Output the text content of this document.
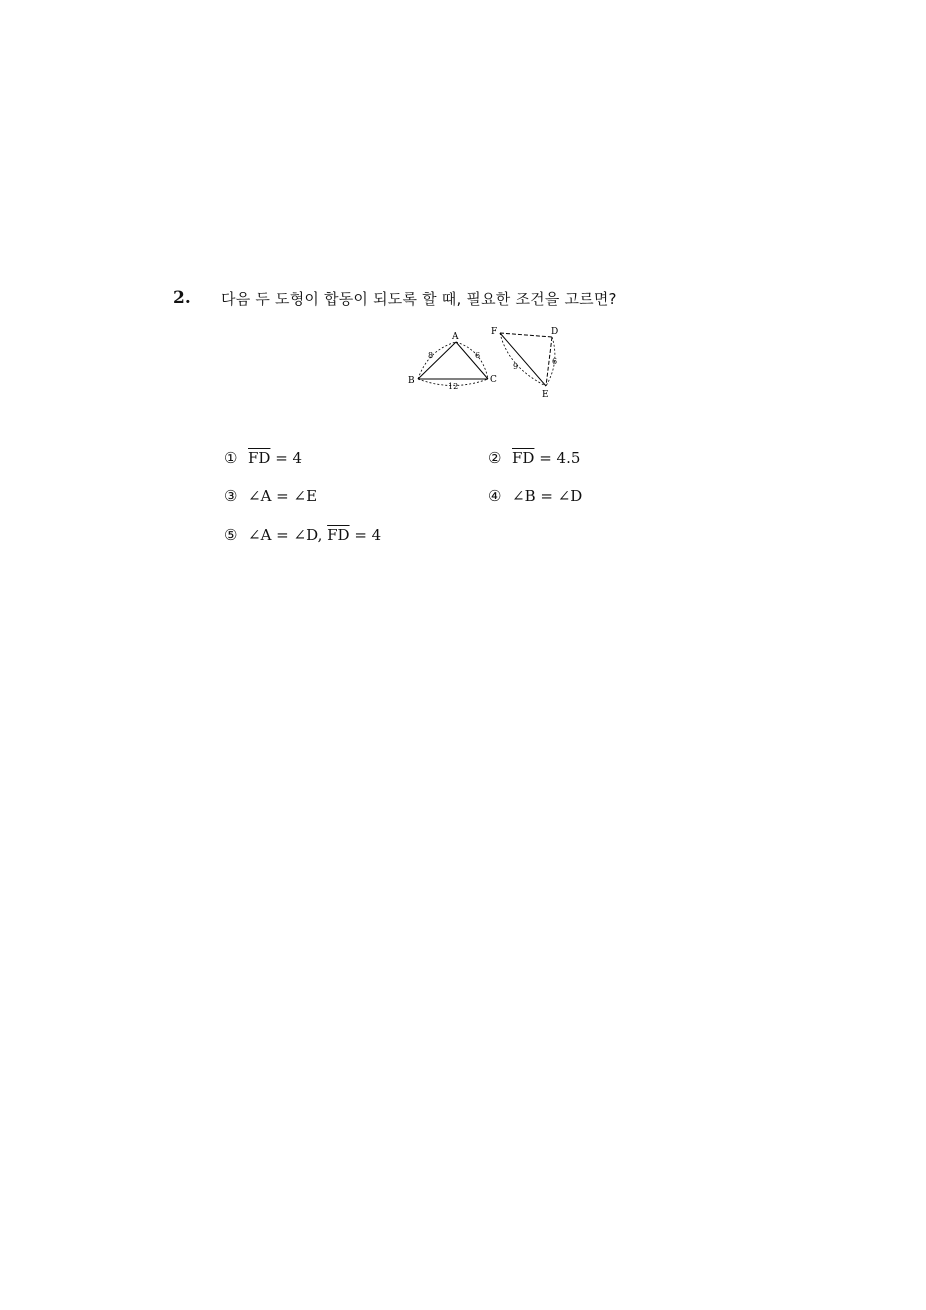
2. 다음 두 도형이 합동이 되도록 할 때, 필요한 조건을 고르면?
A
B	C
D
E
F
8	6
12
6
9
① $\overline{FD} = 4$	② $\overline{FD} = 4.5$
③ ∠A = ∠E	④ ∠B = ∠D
⑤ ∠A = ∠D, $\overline{FD} = 4$
